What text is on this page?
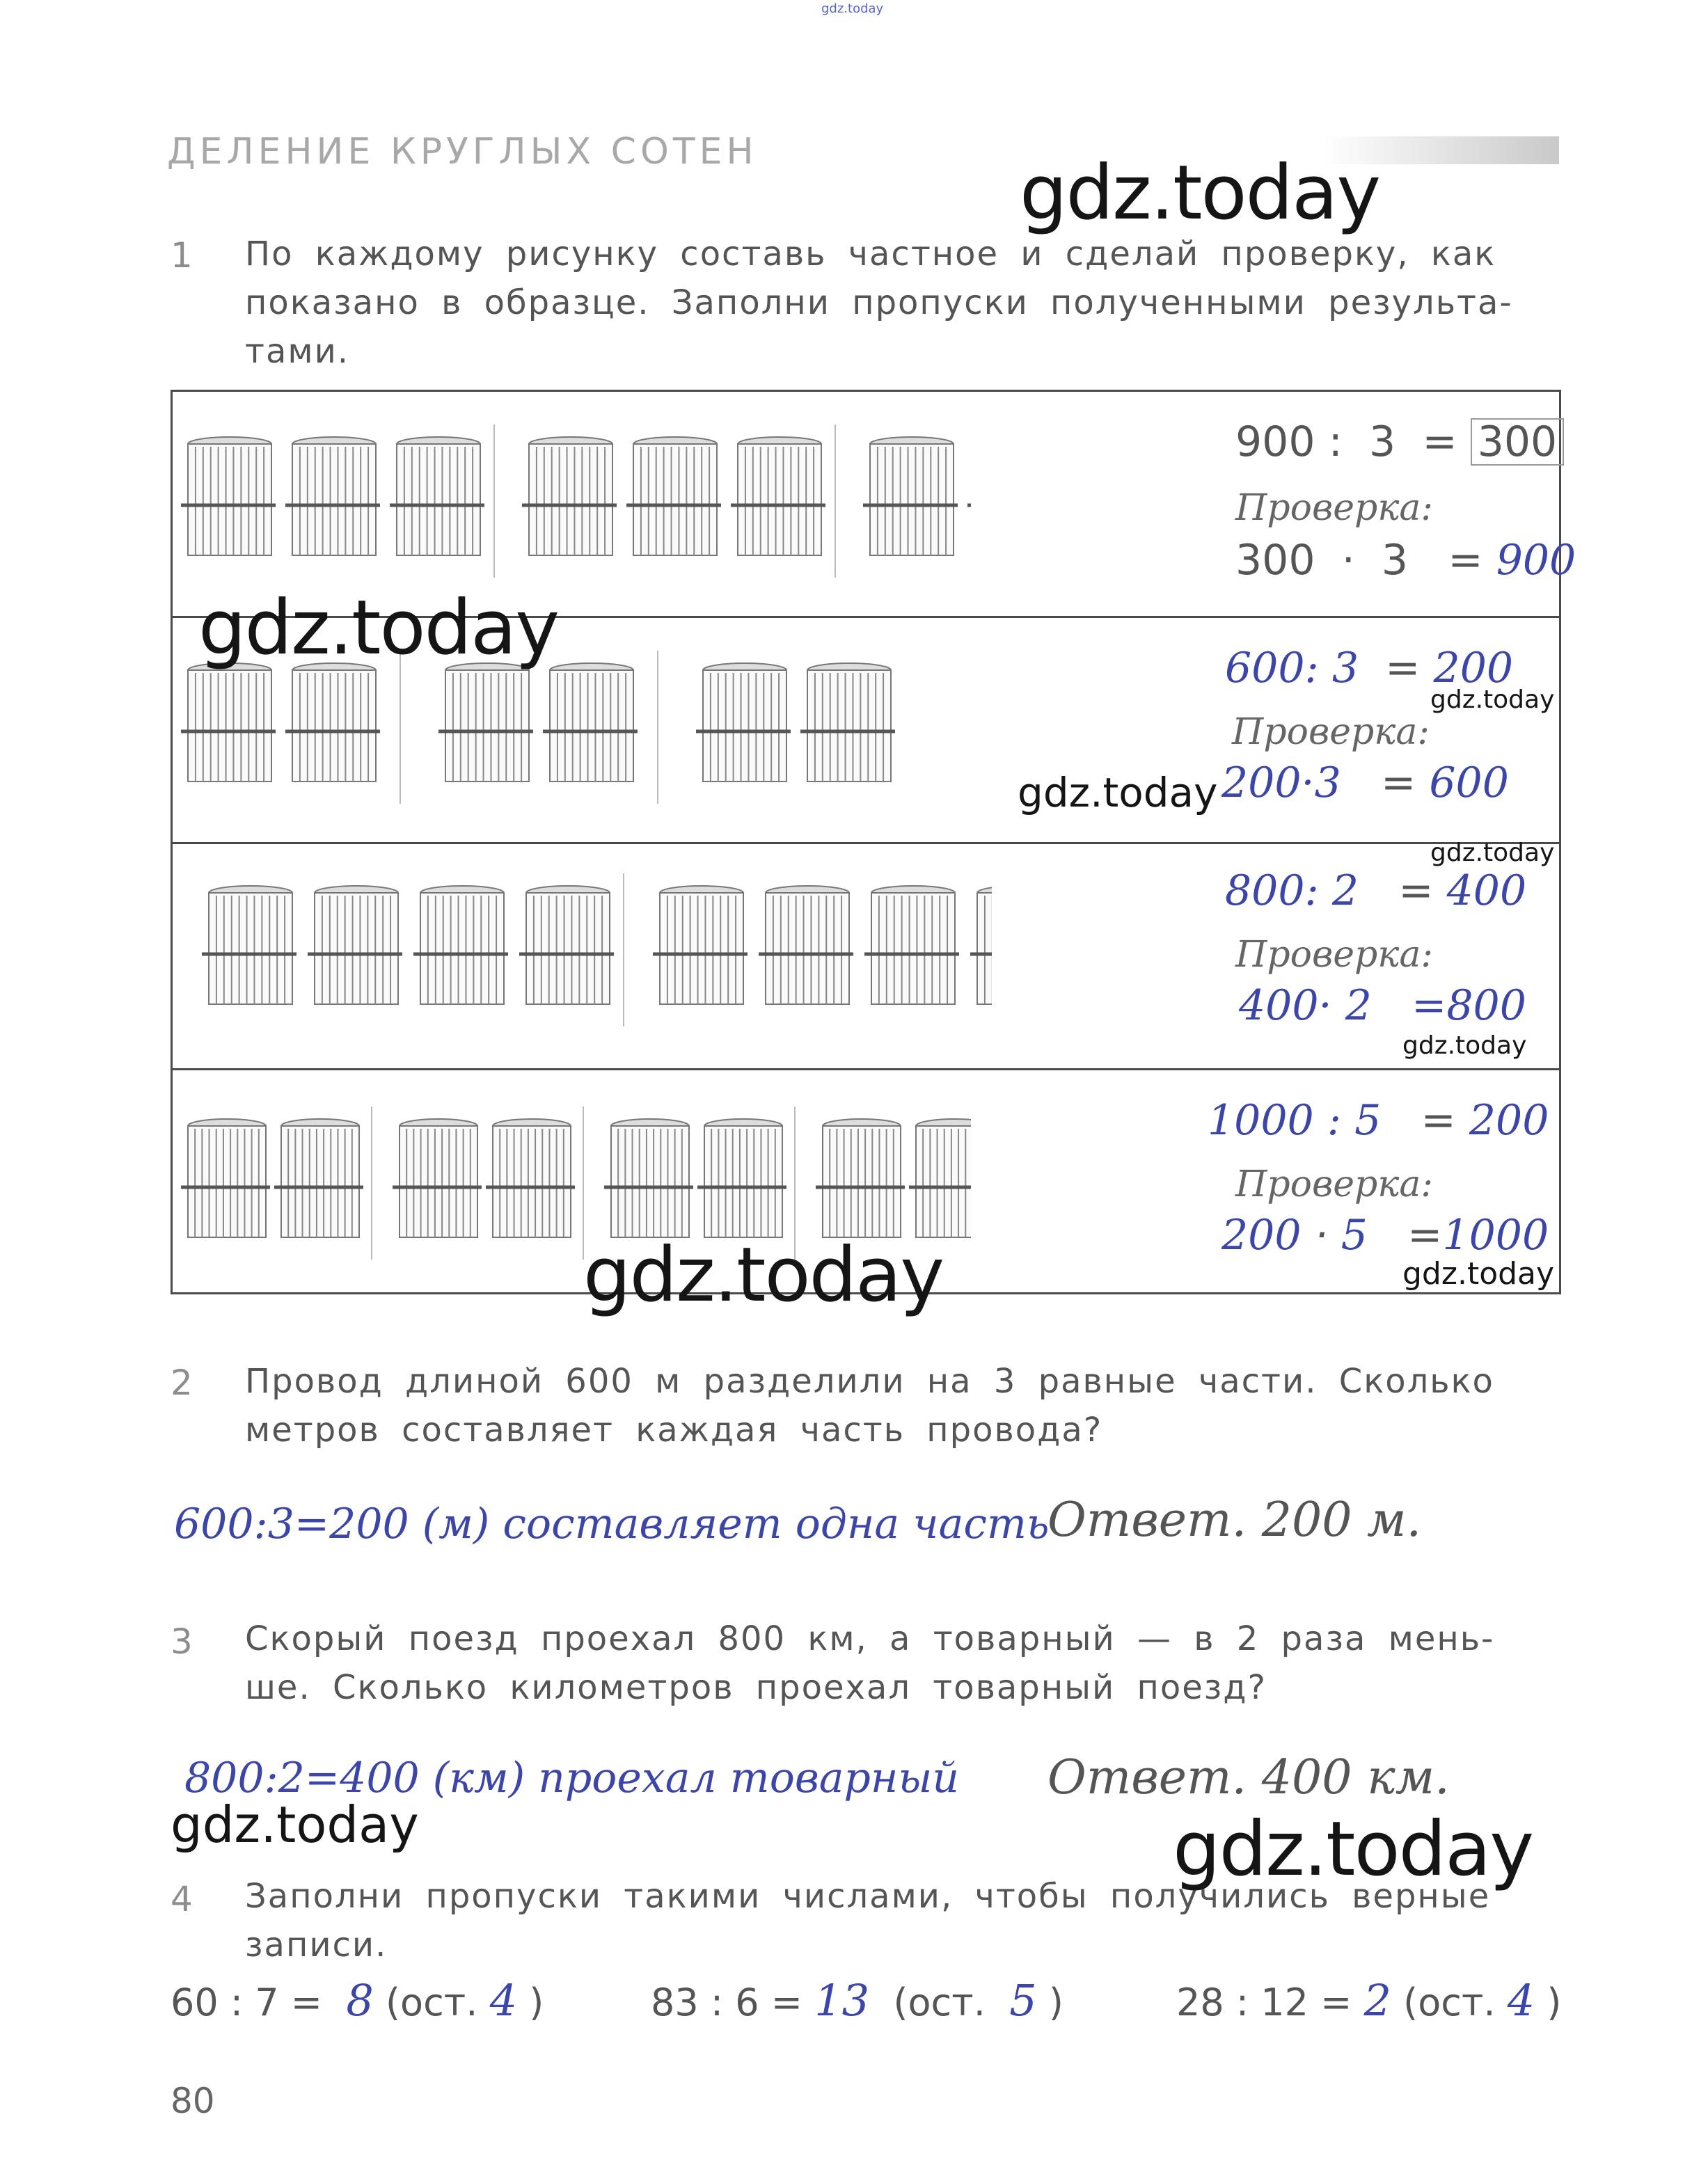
gdz.today
ДЕЛЕНИЕ КРУГЛЫХ СОТЕН
1 По каждому рисунку составь частное и сделай проверку, как
показано в образце. Заполни пропуски полученными результа-
тами.
900 : 3 = 300
Проверка:
300 · 3 = 900
600: 3 = 200
Проверка:
200·3 = 600
800: 2 = 400
Проверка:
400· 2 =800
1000 : 5 = 200
Проверка:
200 · 5 =1000
2 Провод длиной 600 м разделили на 3 равные части. Сколько
метров составляет каждая часть провода?
600:3=200 (м) составляет одна часть
Ответ. 200 м.
3 Скорый поезд проехал 800 км, а товарный — в 2 раза мень-
ше. Сколько километров проехал товарный поезд?
800:2=400 (км) проехал товарный Ответ. 400 км.
4 Заполни пропуски такими числами, чтобы получились верные
записи.
60 : 7 = 8 (ост. 4 )	83 : 6 = 13 (ост. 5 )	28 : 12 = 2 (ост. 4 )
80
gdz.today
gdz.today
gdz.today
gdz.today
gdz.today
gdz.today
gdz.today	gdz.today
gdz.today	gdz.today
